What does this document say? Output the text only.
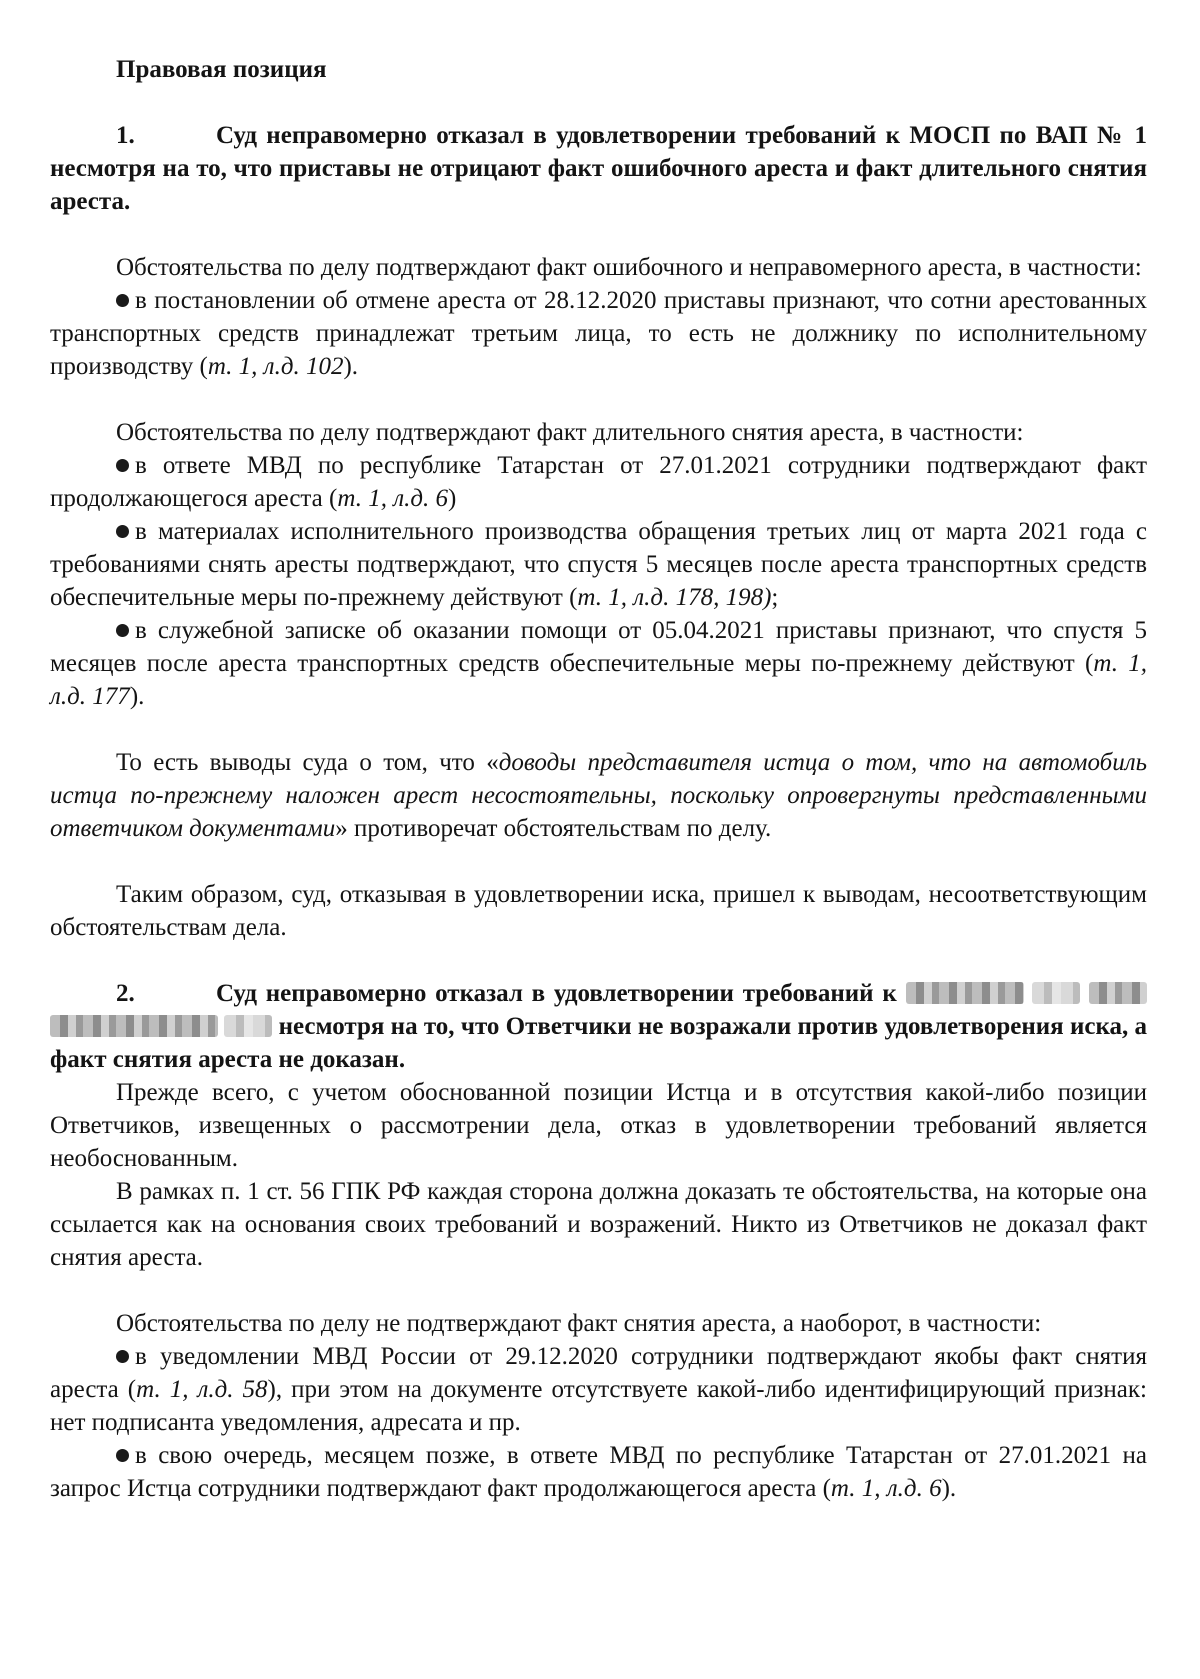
Правовая позиция

1.	Суд неправомерно отказал в удовлетворении требований к МОСП по ВАП № 1 несмотря на то, что приставы не отрицают факт ошибочного ареста и факт длительного снятия ареста.

Обстоятельства по делу подтверждают факт ошибочного и неправомерного ареста, в частности:

в постановлении об отмене ареста от 28.12.2020 приставы признают, что сотни арестованных транспортных средств принадлежат третьим лица, то есть не должнику по исполнительному производству (т. 1, л.д. 102).

Обстоятельства по делу подтверждают факт длительного снятия ареста, в частности:

в ответе МВД по республике Татарстан от 27.01.2021 сотрудники подтверждают факт продолжающегося ареста (т. 1, л.д. 6)

в материалах исполнительного производства обращения третьих лиц от марта 2021 года с требованиями снять аресты подтверждают, что спустя 5 месяцев после ареста транспортных средств обеспечительные меры по-прежнему действуют (т. 1, л.д. 178, 198);

в служебной записке об оказании помощи от 05.04.2021 приставы признают, что спустя 5 месяцев после ареста транспортных средств обеспечительные меры по-прежнему действуют (т. 1, л.д. 177).

То есть выводы суда о том, что «доводы представителя истца о том, что на автомобиль истца по-прежнему наложен арест несостоятельны, поскольку опровергнуты представленными ответчиком документами» противоречат обстоятельствам по делу.

Таким образом, суд, отказывая в удовлетворении иска, пришел к выводам, несоответствующим обстоятельствам дела.

2.	Суд неправомерно отказал в удовлетворении требований к      несмотря на то, что Ответчики не возражали против удовлетворения иска, а факт снятия ареста не доказан.

Прежде всего, с учетом обоснованной позиции Истца и в отсутствия какой-либо позиции Ответчиков, извещенных о рассмотрении дела, отказ в удовлетворении требований является необоснованным.

В рамках п. 1 ст. 56 ГПК РФ каждая сторона должна доказать те обстоятельства, на которые она ссылается как на основания своих требований и возражений. Никто из Ответчиков не доказал факт снятия ареста.

Обстоятельства по делу не подтверждают факт снятия ареста, а наоборот, в частности:

в уведомлении МВД России от 29.12.2020 сотрудники подтверждают якобы факт снятия ареста (т. 1, л.д. 58), при этом на документе отсутствуете какой-либо идентифицирующий признак: нет подписанта уведомления, адресата и пр.

в свою очередь, месяцем позже, в ответе МВД по республике Татарстан от 27.01.2021 на запрос Истца сотрудники подтверждают факт продолжающегося ареста (т. 1, л.д. 6).
